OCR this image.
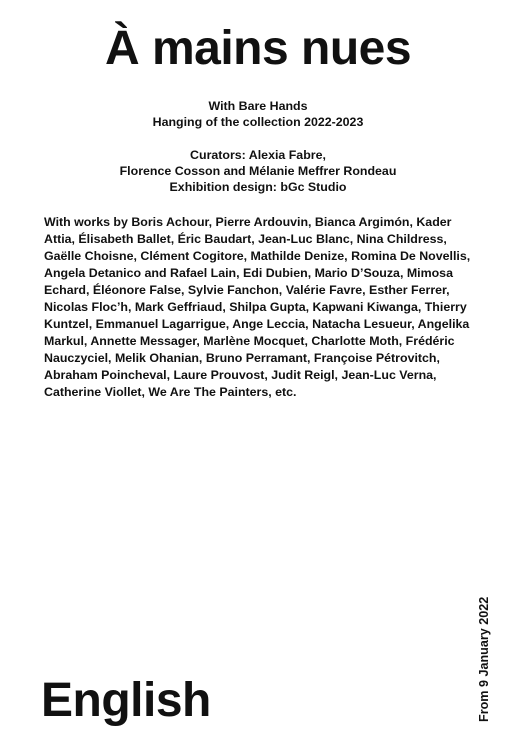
À mains nues
With Bare Hands
Hanging of the collection 2022-2023
Curators: Alexia Fabre,
Florence Cosson and Mélanie Meffrer Rondeau
Exhibition design: bGc Studio
With works by Boris Achour, Pierre Ardouvin, Bianca Argimón, Kader Attia, Élisabeth Ballet, Éric Baudart, Jean-Luc Blanc, Nina Childress, Gaëlle Choisne, Clément Cogitore, Mathilde Denize, Romina De Novellis, Angela Detanico and Rafael Lain, Edi Dubien, Mario D’Souza, Mimosa Echard, Éléonore False, Sylvie Fanchon, Valérie Favre, Esther Ferrer, Nicolas Floc’h, Mark Geffriaud, Shilpa Gupta, Kapwani Kiwanga, Thierry Kuntzel, Emmanuel Lagarrigue, Ange Leccia, Natacha Lesueur, Angelika Markul, Annette Messager, Marlène Mocquet, Charlotte Moth, Frédéric Nauczyciel, Melik Ohanian, Bruno Perramant, Françoise Pétrovitch, Abraham Poincheval, Laure Prouvost, Judit Reigl, Jean-Luc Verna, Catherine Viollet, We Are The Painters, etc.
English	From 9 January 2022
